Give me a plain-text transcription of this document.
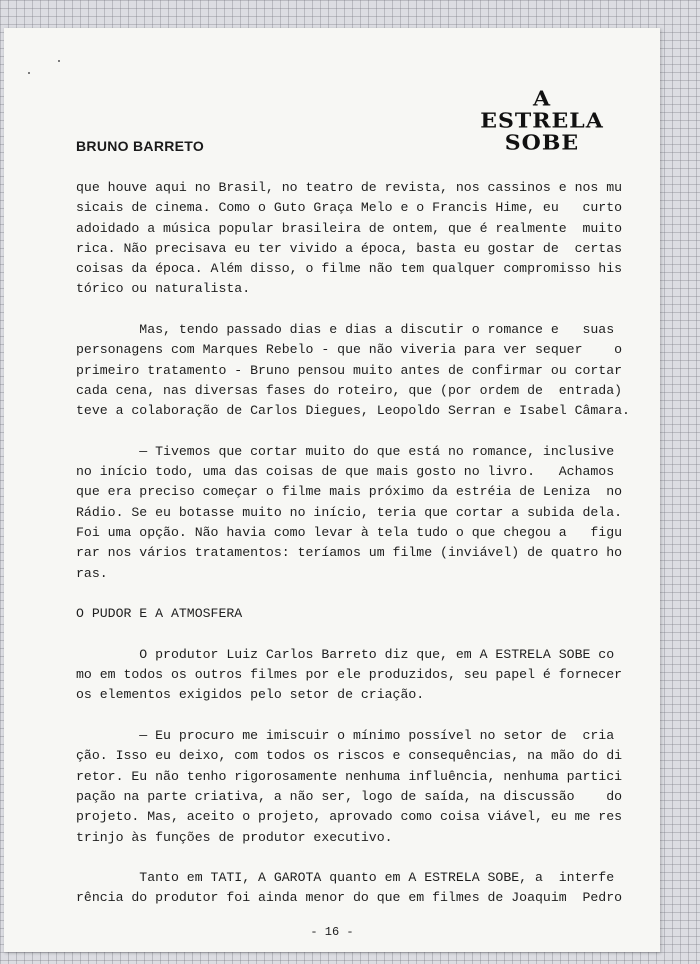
BRUNO BARRETO
A
ESTRELA
SOBE
que houve aqui no Brasil, no teatro de revista, nos cassinos e nos mu
sicais de cinema. Como o Guto Graça Melo e o Francis Hime, eu   curto
adoidado a música popular brasileira de ontem, que é realmente  muito
rica. Não precisava eu ter vivido a época, basta eu gostar de  certas
coisas da época. Além disso, o filme não tem qualquer compromisso his
tórico ou naturalista.
Mas, tendo passado dias e dias a discutir o romance e   suas
personagens com Marques Rebelo - que não viveria para ver sequer    o
primeiro tratamento - Bruno pensou muito antes de confirmar ou cortar
cada cena, nas diversas fases do roteiro, que (por ordem de  entrada)
teve a colaboração de Carlos Diegues, Leopoldo Serran e Isabel Câmara.
— Tivemos que cortar muito do que está no romance, inclusive
no início todo, uma das coisas de que mais gosto no livro.   Achamos
que era preciso começar o filme mais próximo da estréia de Leniza  no
Rádio. Se eu botasse muito no início, teria que cortar a subida dela.
Foi uma opção. Não havia como levar à tela tudo o que chegou a   figu
rar nos vários tratamentos: teríamos um filme (inviável) de quatro ho
ras.
O PUDOR E A ATMOSFERA
O produtor Luiz Carlos Barreto diz que, em A ESTRELA SOBE co
mo em todos os outros filmes por ele produzidos, seu papel é fornecer
os elementos exigidos pelo setor de criação.
— Eu procuro me imiscuir o mínimo possível no setor de  cria
ção. Isso eu deixo, com todos os riscos e consequências, na mão do di
retor. Eu não tenho rigorosamente nenhuma influência, nenhuma partici
pação na parte criativa, a não ser, logo de saída, na discussão    do
projeto. Mas, aceito o projeto, aprovado como coisa viável, eu me res
trinjo às funções de produtor executivo.
Tanto em TATI, A GAROTA quanto em A ESTRELA SOBE, a  interfe
rência do produtor foi ainda menor do que em filmes de Joaquim  Pedro
- 16 -
